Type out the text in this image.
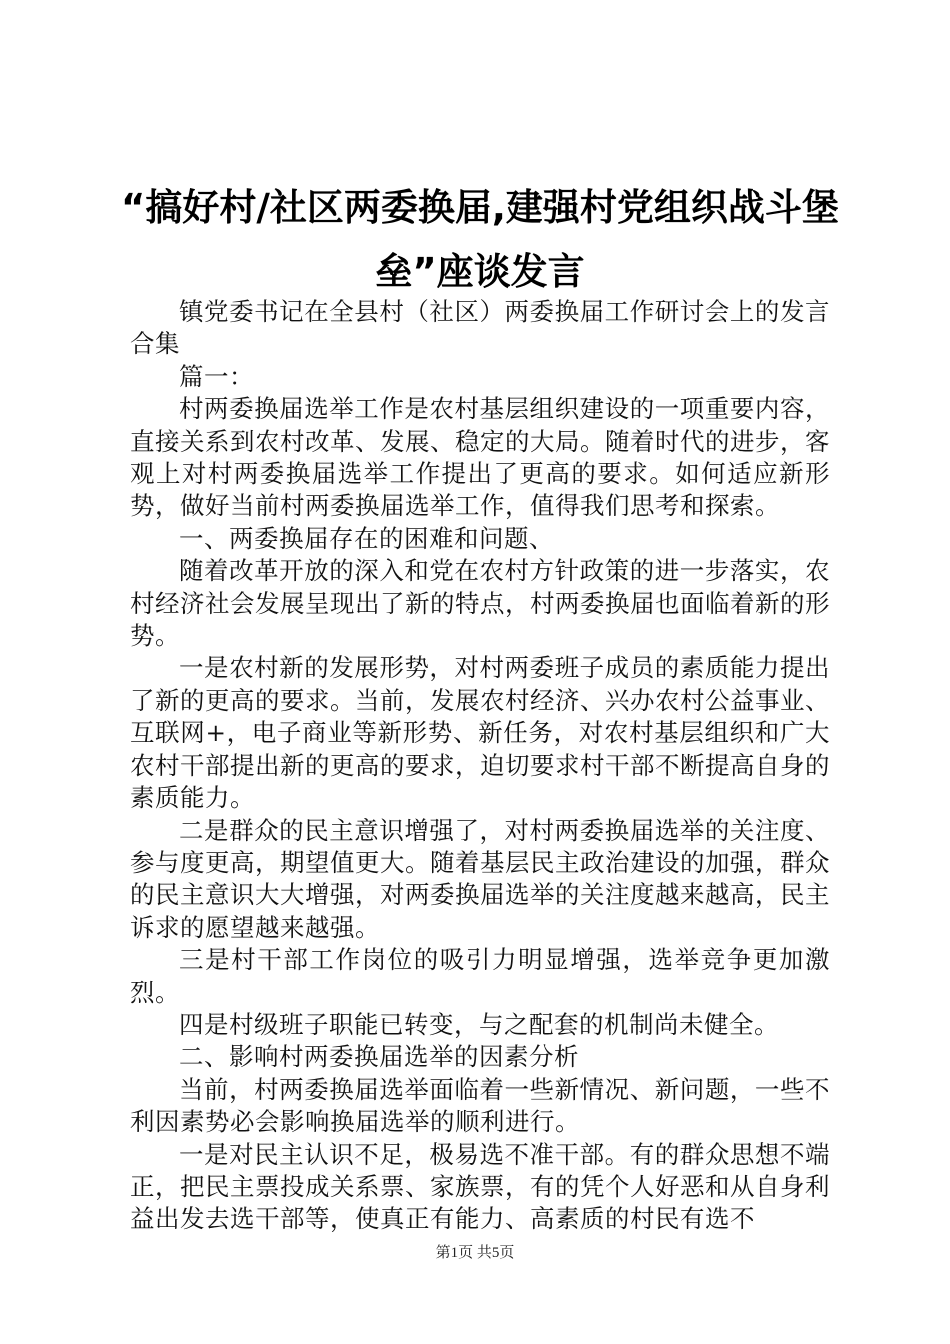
“搞好村/社区两委换届,建强村党组织战斗堡垒”座谈发言

镇党委书记在全县村（社区）两委换届工作研讨会上的发言合集

篇一：

村两委换届选举工作是农村基层组织建设的一项重要内容，直接关系到农村改革、发展、稳定的大局。随着时代的进步，客观上对村两委换届选举工作提出了更高的要求。如何适应新形势，做好当前村两委换届选举工作，值得我们思考和探索。

一、两委换届存在的困难和问题、

随着改革开放的深入和党在农村方针政策的进一步落实，农村经济社会发展呈现出了新的特点，村两委换届也面临着新的形势。

一是农村新的发展形势，对村两委班子成员的素质能力提出了新的更高的要求。当前，发展农村经济、兴办农村公益事业、互联网+，电子商业等新形势、新任务，对农村基层组织和广大农村干部提出新的更高的要求，迫切要求村干部不断提高自身的素质能力。

二是群众的民主意识增强了，对村两委换届选举的关注度、参与度更高，期望值更大。随着基层民主政治建设的加强，群众的民主意识大大增强，对两委换届选举的关注度越来越高，民主诉求的愿望越来越强。

三是村干部工作岗位的吸引力明显增强，选举竞争更加激烈。

四是村级班子职能已转变，与之配套的机制尚未健全。

二、影响村两委换届选举的因素分析

当前，村两委换届选举面临着一些新情况、新问题，一些不利因素势必会影响换届选举的顺利进行。

一是对民主认识不足，极易选不准干部。有的群众思想不端正，把民主票投成关系票、家族票，有的凭个人好恶和从自身利益出发去选干部等，使真正有能力、高素质的村民有选不

第1页 共5页
